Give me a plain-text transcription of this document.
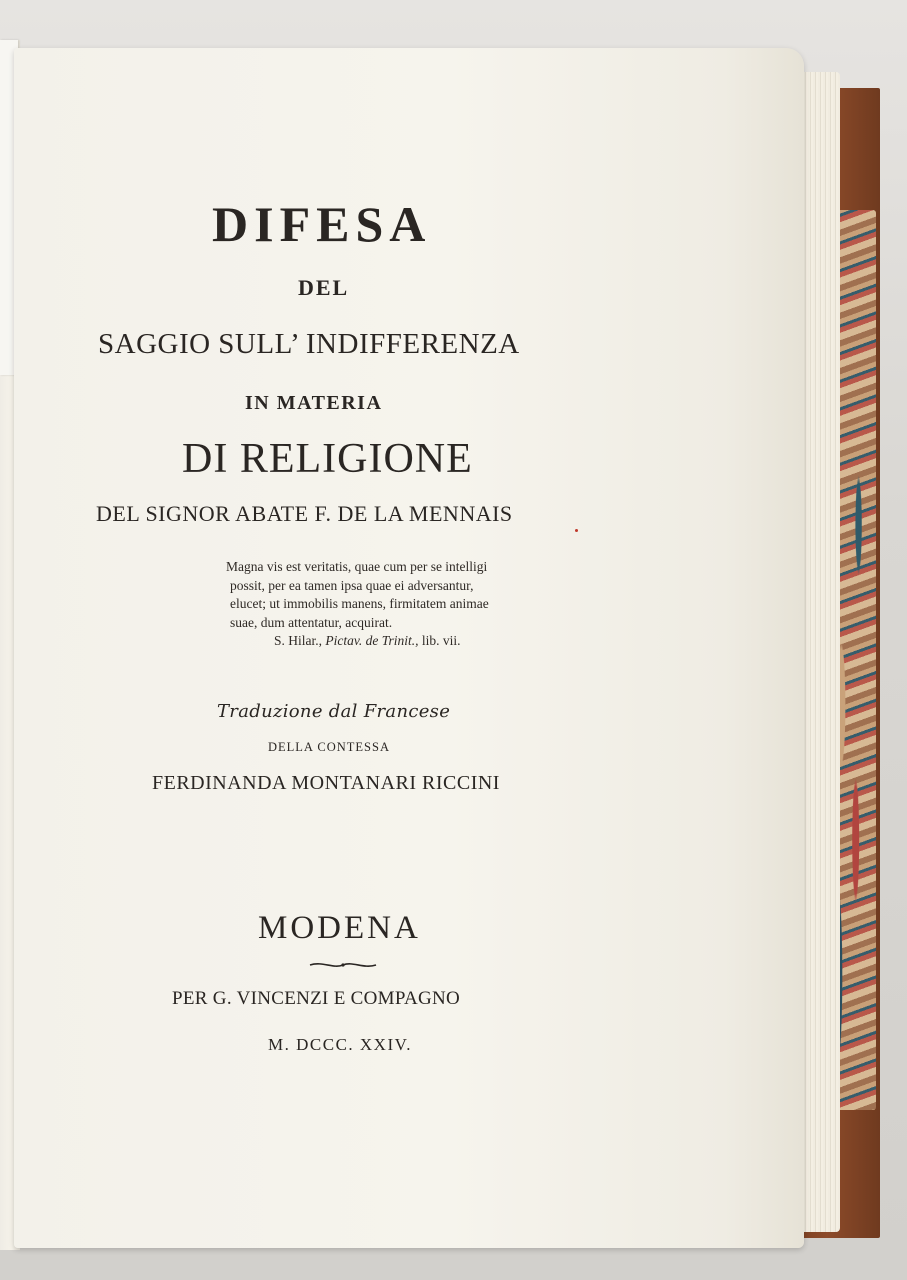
DIFESA
DEL
SAGGIO SULL’ INDIFFERENZA
IN MATERIA
DI RELIGIONE
DEL SIGNOR ABATE F. DE LA MENNAIS
Magna vis est veritatis, quae cum per se intelligi
possit, per ea tamen ipsa quae ei adversantur,
elucet; ut immobilis manens, firmitatem animae
suae, dum attentatur, acquirat.
S. Hilar., Pictav. de Trinit., lib. vii.
Traduzione dal Francese
DELLA CONTESSA
FERDINANDA MONTANARI RICCINI
MODENA
PER G. VINCENZI E COMPAGNO
M. DCCC. XXIV.
